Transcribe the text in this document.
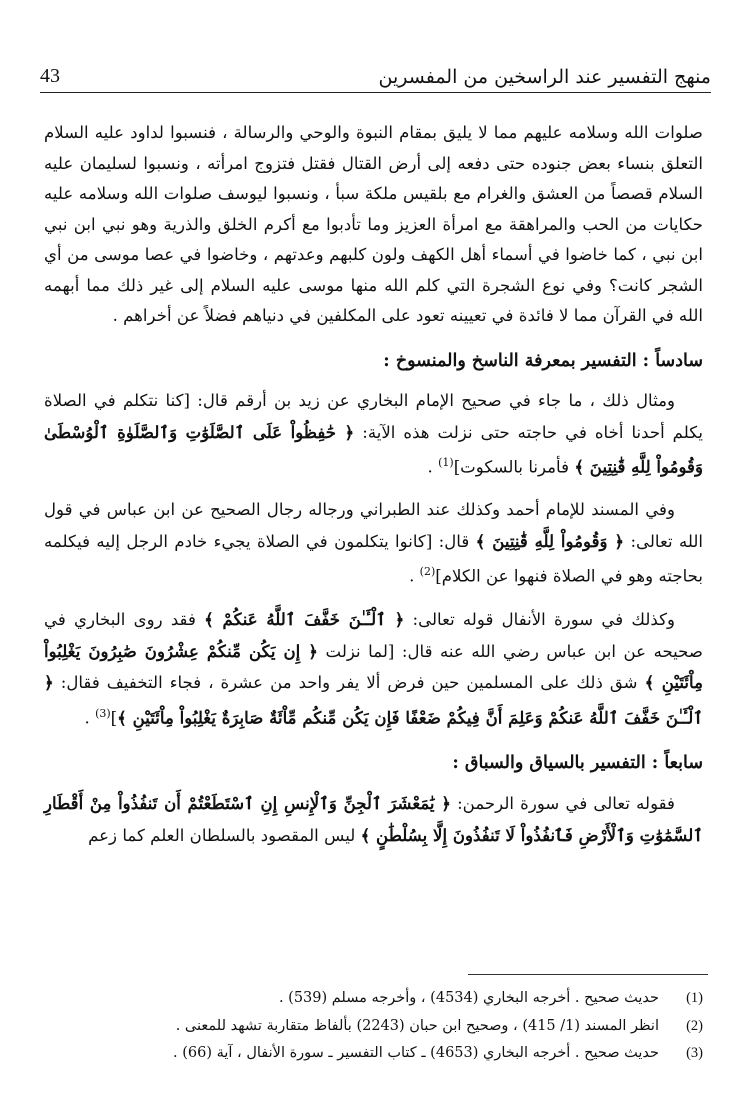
43	منهج التفسير عند الراسخين من المفسرين

صلوات الله وسلامه عليهم مما لا يليق بمقام النبوة والوحي والرسالة ، فنسبوا لداود عليه السلام التعلق بنساء بعض جنوده حتى دفعه إلى أرض القتال فقتل فتزوج امرأته ، ونسبوا لسليمان عليه السلام قصصاً من العشق والغرام مع بلقيس ملكة سبأ ، ونسبوا ليوسف صلوات الله وسلامه عليه حكايات من الحب والمراهقة مع امرأة العزيز وما تأدبوا مع أكرم الخلق والذرية وهو نبي ابن نبي ابن نبي ، كما خاضوا في أسماء أهل الكهف ولون كلبهم وعدتهم ، وخاضوا في عصا موسى من أي الشجر كانت؟ وفي نوع الشجرة التي كلم الله منها موسى عليه السلام إلى غير ذلك مما أبهمه الله في القرآن مما لا فائدة في تعيينه تعود على المكلفين في دنياهم فضلاً عن أخراهم .

سادساً : التفسير بمعرفة الناسخ والمنسوخ :

ومثال ذلك ، ما جاء في صحيح الإمام البخاري عن زيد بن أرقم قال: [كنا نتكلم في الصلاة يكلم أحدنا أخاه في حاجته حتى نزلت هذه الآية: ﴿ حَٰفِظُواْ عَلَى ٱلصَّلَوَٰتِ وَٱلصَّلَوٰةِ ٱلْوُسْطَىٰ وَقُومُواْ لِلَّهِ قَٰنِتِينَ ﴾ فأمرنا بالسكوت]$^{(1)}$ .

وفي المسند للإمام أحمد وكذلك عند الطبراني ورجاله رجال الصحيح عن ابن عباس في قول الله تعالى: ﴿ وَقُومُواْ لِلَّهِ قَٰنِتِينَ ﴾ قال: [كانوا يتكلمون في الصلاة يجيء خادم الرجل إليه فيكلمه بحاجته وهو في الصلاة فنهوا عن الكلام]$^{(2)}$ .

وكذلك في سورة الأنفال قوله تعالى: ﴿ ٱلْـَٔـٰنَ خَفَّفَ ٱللَّهُ عَنكُمْ ﴾ فقد روى البخاري في صحيحه عن ابن عباس رضي الله عنه قال: [لما نزلت ﴿ إِن يَكُن مِّنكُمْ عِشْرُونَ صَٰبِرُونَ يَغْلِبُواْ مِاْئَتَيْنِ ﴾ شق ذلك على المسلمين حين فرض ألا يفر واحد من عشرة ، فجاء التخفيف فقال: ﴿ ٱلْـَٔـٰنَ خَفَّفَ ٱللَّهُ عَنكُمْ وَعَلِمَ أَنَّ فِيكُمْ ضَعْفًا فَإِن يَكُن مِّنكُم مِّاْئَةٌ صَابِرَةٌ يَغْلِبُواْ مِاْئَتَيْنِ ﴾]$^{(3)}$ .

سابعاً : التفسير بالسياق والسباق :

فقوله تعالى في سورة الرحمن: ﴿ يَٰمَعْشَرَ ٱلْجِنِّ وَٱلْإِنسِ إِنِ ٱسْتَطَعْتُمْ أَن تَنفُذُواْ مِنْ أَقْطَارِ ٱلسَّمَٰوَٰتِ وَٱلْأَرْضِ فَٱنفُذُواْ لَا تَنفُذُونَ إِلَّا بِسُلْطَٰنٍ ﴾ ليس المقصود بالسلطان العلم كما زعم

(1)
حديث صحيح . أخرجه البخاري (4534) ، وأخرجه مسلم (539) .
(2)
انظر المسند (1/ 415) ، وصحيح ابن حبان (2243) بألفاظ متقاربة تشهد للمعنى .
(3)
حديث صحيح . أخرجه البخاري (4653) ـ كتاب التفسير ـ سورة الأنفال ، آية (66) .
